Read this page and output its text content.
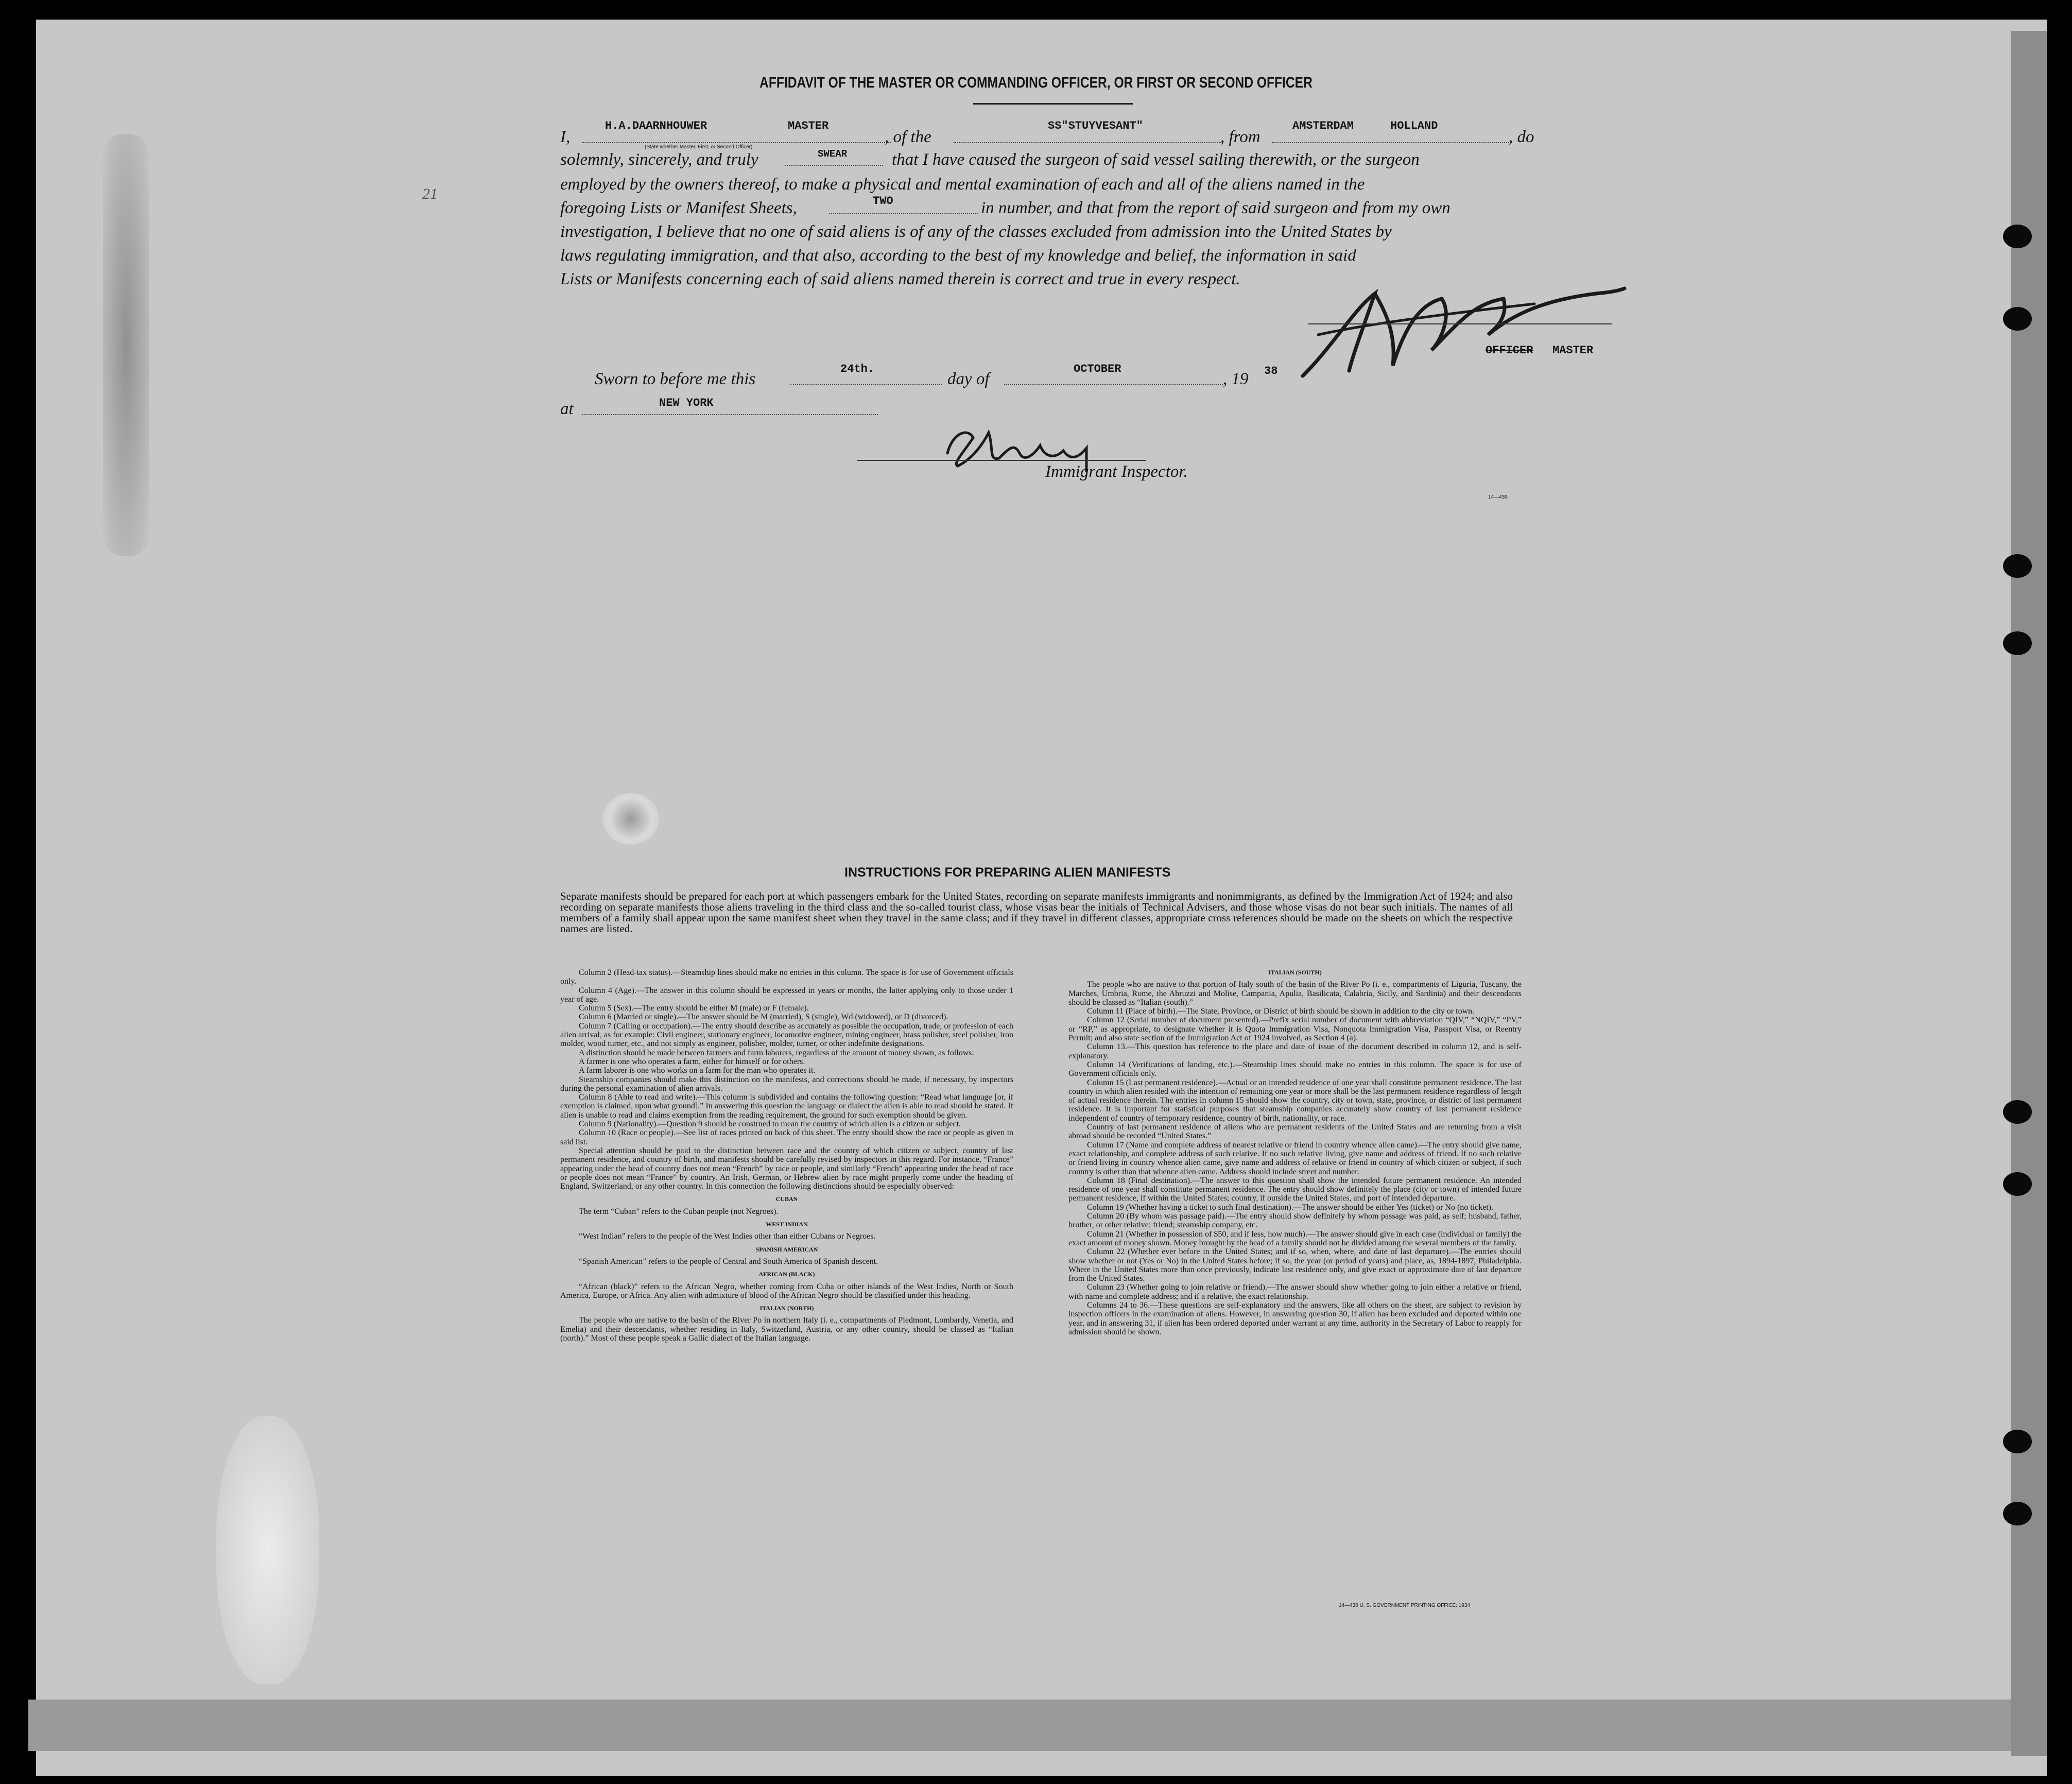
AFFIDAVIT OF THE MASTER OR COMMANDING OFFICER, OR FIRST OR SECOND OFFICER
21
I,
H.A.DAARNHOUWER	MASTER
(State whether Master, First, or Second Officer)
, of the
SS"STUYVESANT"
, from
AMSTERDAM	HOLLAND
, do
solemnly, sincerely, and truly	SWEAR	that I have caused the surgeon of said vessel sailing therewith, or the surgeon
employed by the owners thereof, to make a physical and mental examination of each and all of the aliens named in the
foregoing Lists or Manifest Sheets,	TWO	in number, and that from the report of said surgeon and from my own
investigation, I believe that no one of said aliens is of any of the classes excluded from admission into the United States by
laws regulating immigration, and that also, according to the best of my knowledge and belief, the information in said
Lists or Manifests concerning each of said aliens named therein is correct and true in every respect.
OFFICER MASTER
Sworn to before me this
24th.
day of
OCTOBER
, 19 38
at	NEW YORK
Immigrant Inspector.
14—430
INSTRUCTIONS FOR PREPARING ALIEN MANIFESTS
Separate manifests should be prepared for each port at which passengers embark for the United States, recording on separate manifests immigrants and nonimmigrants, as defined by the Immigration Act of 1924; and also recording on separate manifests those aliens traveling in the third class and the so-called tourist class, whose visas bear the initials of Technical Advisers, and those whose visas do not bear such initials. The names of all members of a family shall appear upon the same manifest sheet when they travel in the same class; and if they travel in different classes, appropriate cross references should be made on the sheets on which the respective names are listed.

Column 2 (Head-tax status).—Steamship lines should make no entries in this column. The space is for use of Government officials only.

Column 4 (Age).—The answer in this column should be expressed in years or months, the latter applying only to those under 1 year of age.

Column 5 (Sex).—The entry should be either M (male) or F (female).

Column 6 (Married or single).—The answer should be M (married), S (single), Wd (widowed), or D (divorced).

Column 7 (Calling or occupation).—The entry should describe as accurately as possible the occupation, trade, or profession of each alien arrival, as for example: Civil engineer, stationary engineer, locomotive engineer, mining engineer, brass polisher, steel polisher, iron molder, wood turner, etc., and not simply as engineer, polisher, molder, turner, or other indefinite designations.

A distinction should be made between farmers and farm laborers, regardless of the amount of money shown, as follows:

A farmer is one who operates a farm, either for himself or for others.

A farm laborer is one who works on a farm for the man who operates it.

Steamship companies should make this distinction on the manifests, and corrections should be made, if necessary, by inspectors during the personal examination of alien arrivals.

Column 8 (Able to read and write).—This column is subdivided and contains the following question: “Read what language [or, if exemption is claimed, upon what ground].” In answering this question the language or dialect the alien is able to read should be stated. If alien is unable to read and claims exemption from the reading requirement, the ground for such exemption should be given.

Column 9 (Nationality).—Question 9 should be construed to mean the country of which alien is a citizen or subject.

Column 10 (Race or people).—See list of races printed on back of this sheet. The entry should show the race or people as given in said list.

Special attention should be paid to the distinction between race and the country of which citizen or subject, country of last permanent residence, and country of birth, and manifests should be carefully revised by inspectors in this regard. For instance, “France” appearing under the head of country does not mean “French” by race or people, and similarly “French” appearing under the head of race or people does not mean “France” by country. An Irish, German, or Hebrew alien by race might properly come under the heading of England, Switzerland, or any other country. In this connection the following distinctions should be especially observed:

CUBAN

The term “Cuban” refers to the Cuban people (not Negroes).

WEST INDIAN

“West Indian” refers to the people of the West Indies other than either Cubans or Negroes.

SPANISH AMERICAN

“Spanish American” refers to the people of Central and South America of Spanish descent.

AFRICAN (BLACK)

“African (black)” refers to the African Negro, whether coming from Cuba or other islands of the West Indies, North or South America, Europe, or Africa. Any alien with admixture of blood of the African Negro should be classified under this heading.

ITALIAN (NORTH)

The people who are native to the basin of the River Po in northern Italy (i. e., compartments of Piedmont, Lombardy, Venetia, and Emelia) and their descendants, whether residing in Italy, Switzerland, Austria, or any other country, should be classed as “Italian (north).” Most of these people speak a Gallic dialect of the Italian language.

ITALIAN (SOUTH)

The people who are native to that portion of Italy south of the basin of the River Po (i. e., compartments of Liguria, Tuscany, the Marches, Umbria, Rome, the Abruzzi and Molise, Campania, Apulia, Basilicata, Calabria, Sicily, and Sardinia) and their descendants should be classed as “Italian (south).”

Column 11 (Place of birth).—The State, Province, or District of birth should be shown in addition to the city or town.

Column 12 (Serial number of document presented).—Prefix serial number of document with abbreviation “QIV,” “NQIV,” “PV,” or “RP,” as appropriate, to designate whether it is Quota Immigration Visa, Nonquota Immigration Visa, Passport Visa, or Reentry Permit; and also state section of the Immigration Act of 1924 involved, as Section 4 (a).

Column 13.—This question has reference to the place and date of issue of the document described in column 12, and is self-explanatory.

Column 14 (Verifications of landing, etc.).—Steamship lines should make no entries in this column. The space is for use of Government officials only.

Column 15 (Last permanent residence).—Actual or an intended residence of one year shall constitute permanent residence. The last country in which alien resided with the intention of remaining one year or more shall be the last permanent residence regardless of length of actual residence therein. The entries in column 15 should show the country, city or town, state, province, or district of last permanent residence. It is important for statistical purposes that steamship companies accurately show country of last permanent residence independent of country of temporary residence, country of birth, nationality, or race.

Country of last permanent residence of aliens who are permanent residents of the United States and are returning from a visit abroad should be recorded “United States.”

Column 17 (Name and complete address of nearest relative or friend in country whence alien came).—The entry should give name, exact relationship, and complete address of such relative. If no such relative living, give name and address of friend. If no such relative or friend living in country whence alien came, give name and address of relative or friend in country of which citizen or subject, if such country is other than that whence alien came. Address should include street and number.

Column 18 (Final destination).—The answer to this question shall show the intended future permanent residence. An intended residence of one year shall constitute permanent residence. The entry should show definitely the place (city or town) of intended future permanent residence, if within the United States; country, if outside the United States, and port of intended departure.

Column 19 (Whether having a ticket to such final destination).—The answer should be either Yes (ticket) or No (no ticket).

Column 20 (By whom was passage paid).—The entry should show definitely by whom passage was paid, as self; husband, father, brother, or other relative; friend; steamship company, etc.

Column 21 (Whether in possession of $50, and if less, how much).—The answer should give in each case (individual or family) the exact amount of money shown. Money brought by the head of a family should not be divided among the several members of the family.

Column 22 (Whether ever before in the United States; and if so, when, where, and date of last departure).—The entries should show whether or not (Yes or No) in the United States before; if so, the year (or period of years) and place, as, 1894-1897, Philadelphia. Where in the United States more than once previously, indicate last residence only, and give exact or approximate date of last departure from the United States.

Column 23 (Whether going to join relative or friend).—The answer should show whether going to join either a relative or friend, with name and complete address; and if a relative, the exact relationship.

Columns 24 to 36.—These questions are self-explanatory and the answers, like all others on the sheet, are subject to revision by inspection officers in the examination of aliens. However, in answering question 30, if alien has been excluded and deported within one year, and in answering 31, if alien has been ordered deported under warrant at any time, authority in the Secretary of Labor to reapply for admission should be shown.

14—430 U. S. GOVERNMENT PRINTING OFFICE: 1934
